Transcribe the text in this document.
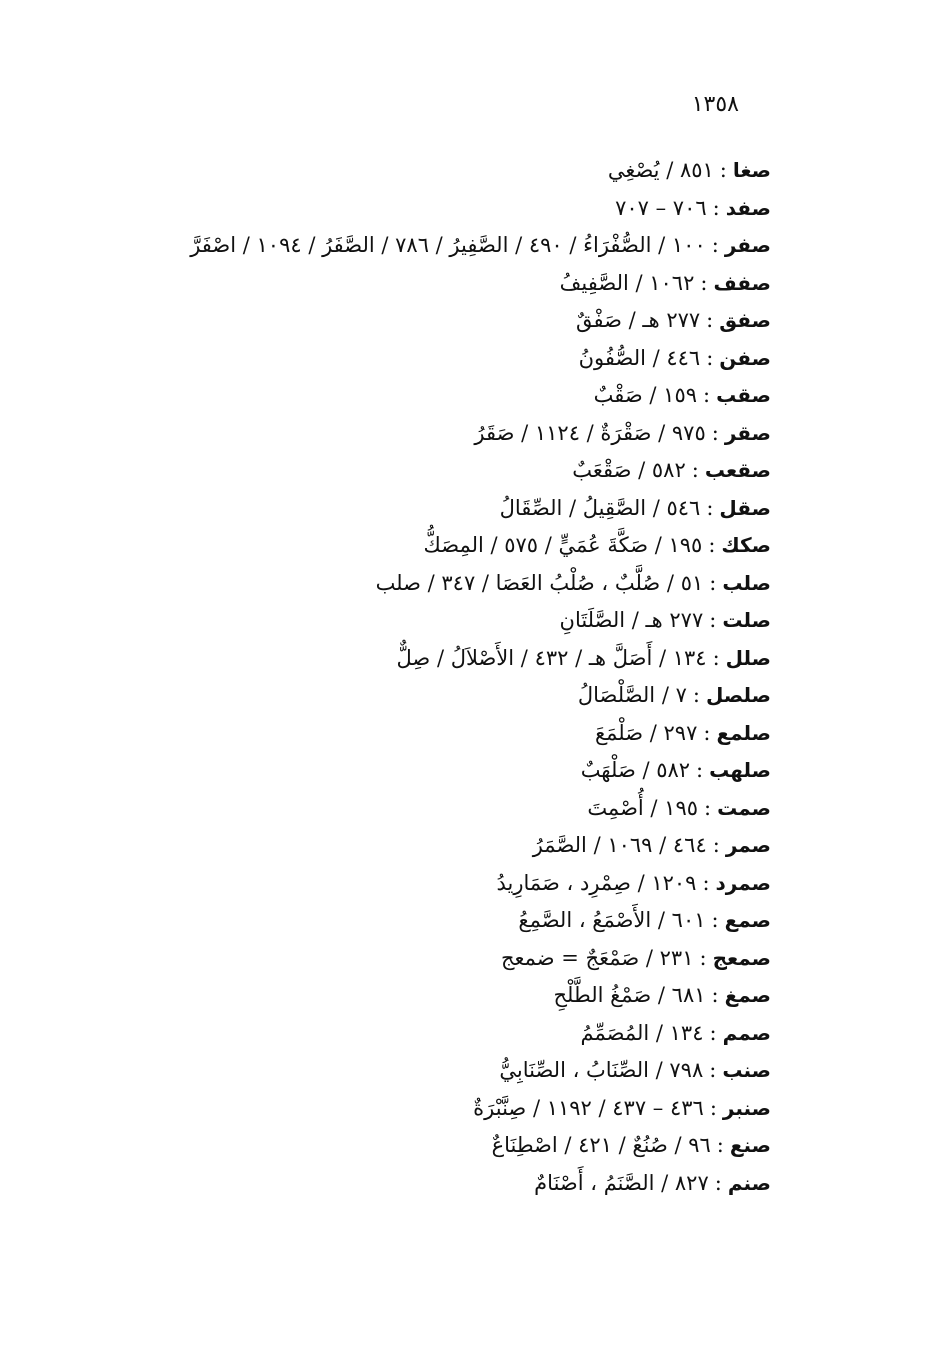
١٣٥٨
صغا:٨٥١ / يُصْغِي
صفد:٧٠٦ – ٧٠٧
صفر:١٠٠ / الصُّفْرَاءُ / ٤٩٠ / الصَّفِيرُ / ٧٨٦ / الصَّفَرُ / ١٠٩٤ / اصْفَرَّ
صفف:١٠٦٢ / الصَّفِيفُ
صفق:٢٧٧ هـ / صَفْقٌ
صفن:٤٤٦ / الصُّفُونُ
صقب:١٥٩ / صَقْبٌ
صقر:٩٧٥ / صَقْرَةٌ / ١١٢٤ / صَقَرُ
صقعب:٥٨٢ / صَقْعَبٌ
صقل:٥٤٦ / الصَّقِيلُ / الصِّقَالُ
صكك:١٩٥ / صَكَّةَ عُمَيٍّ / ٥٧٥ / المِصَكُّ
صلب:٥١ / صُلَّبٌ ، صُلْبُ العَصَا / ٣٤٧ / صلب
صلت:٢٧٧ هـ / الصَّلَتَانِ
صلل:١٣٤ / أَصَلَّ هـ / ٤٣٢ / الأَصْلاَلُ / صِلٌّ
صلصل:٧ / الصَّلْصَالُ
صلمع:٢٩٧ / صَلْمَعَ
صلهب:٥٨٢ / صَلْهَبٌ
صمت:١٩٥ / أُصْمِتَ
صمر:٤٦٤ / ١٠٦٩ / الصَّمَرُ
صمرد:١٢٠٩ / صِمْرِد ، صَمَارِيدُ
صمع:٦٠١ / الأَصْمَعُ ، الصَّمِعُ
صمعج:٢٣١ / صَمْعَجٌ = ضمعج
صمغ:٦٨١ / صَمْغُ الطَّلْحِ
صمم:١٣٤ / المُصَمِّمُ
صنب:٧٩٨ / الصِّنَابُ ، الصِّنَابِيُّ
صنبر:٤٣٦ – ٤٣٧ / ١١٩٢ / صِنَّبْرَةٌ
صنع:٩٦ / صُنُعٌ / ٤٢١ / اصْطِنَاعٌ
صنم:٨٢٧ / الصَّنَمُ ، أَصْنَامٌ
